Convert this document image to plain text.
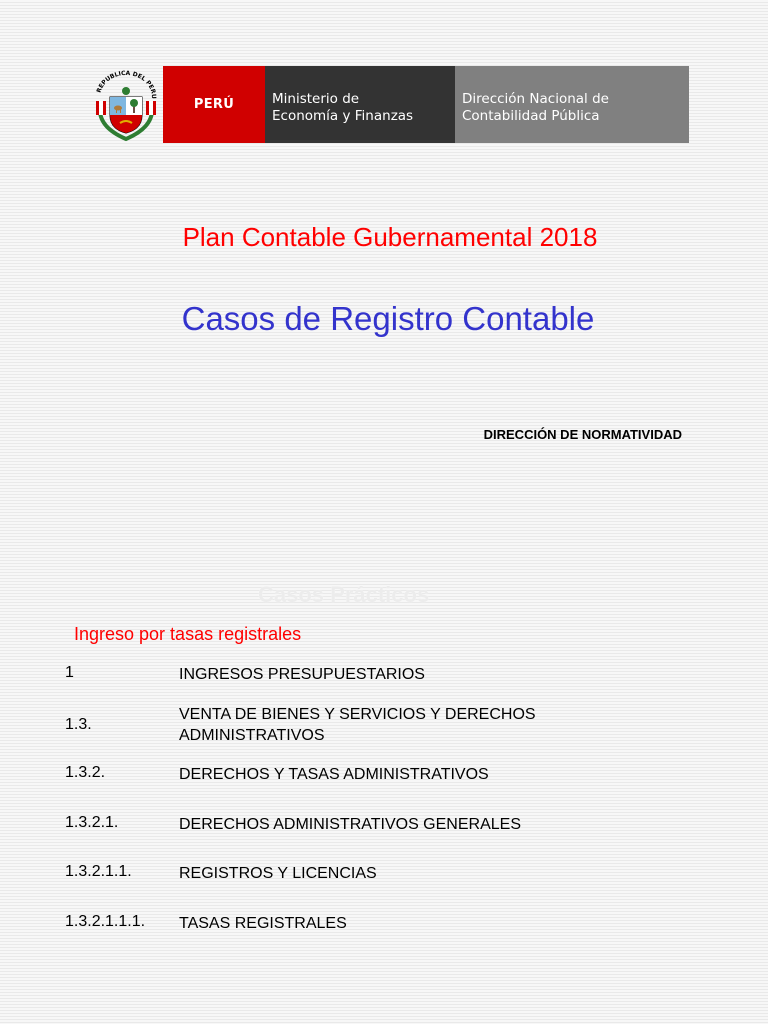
REPUBLICA DEL PERU
PERÚ	Ministerio de
Economía y Finanzas
Dirección Nacional de
Contabilidad Pública
Plan Contable Gubernamental 2018
Casos de Registro Contable
DIRECCIÓN DE NORMATIVIDAD
Casos Prácticos
Ingreso por tasas registrales
1	INGRESOS PRESUPUESTARIOS
1.3.
VENTA DE BIENES Y SERVICIOS Y DERECHOS ADMINISTRATIVOS
1.3.2.	DERECHOS Y TASAS ADMINISTRATIVOS
1.3.2.1.	DERECHOS ADMINISTRATIVOS GENERALES
1.3.2.1.1.	REGISTROS Y LICENCIAS
1.3.2.1.1.1. TASAS REGISTRALES
